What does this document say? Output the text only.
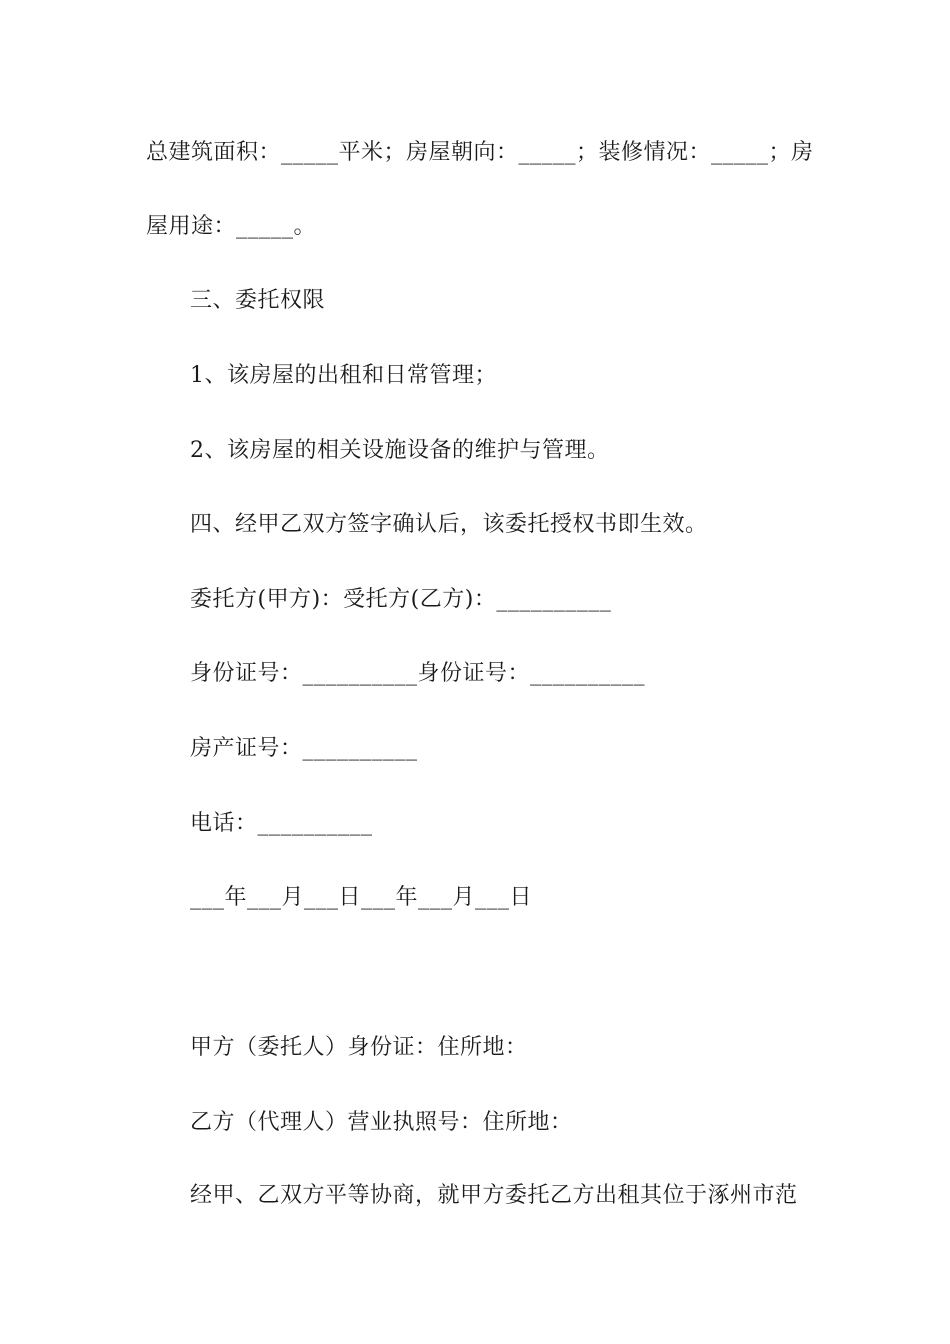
总建筑面积：_____平米；房屋朝向：_____；装修情况：_____；房
屋用途：_____。
三、委托权限
1、该房屋的出租和日常管理；
2、该房屋的相关设施设备的维护与管理。
四、经甲乙双方签字确认后，该委托授权书即生效。
委托方(甲方)：受托方(乙方)：__________
身份证号：__________身份证号：__________
房产证号：__________
电话：__________
___年___月___日___年___月___日
甲方（委托人）身份证：住所地：
乙方（代理人）营业执照号：住所地：
经甲、乙双方平等协商，就甲方委托乙方出租其位于涿州市范
